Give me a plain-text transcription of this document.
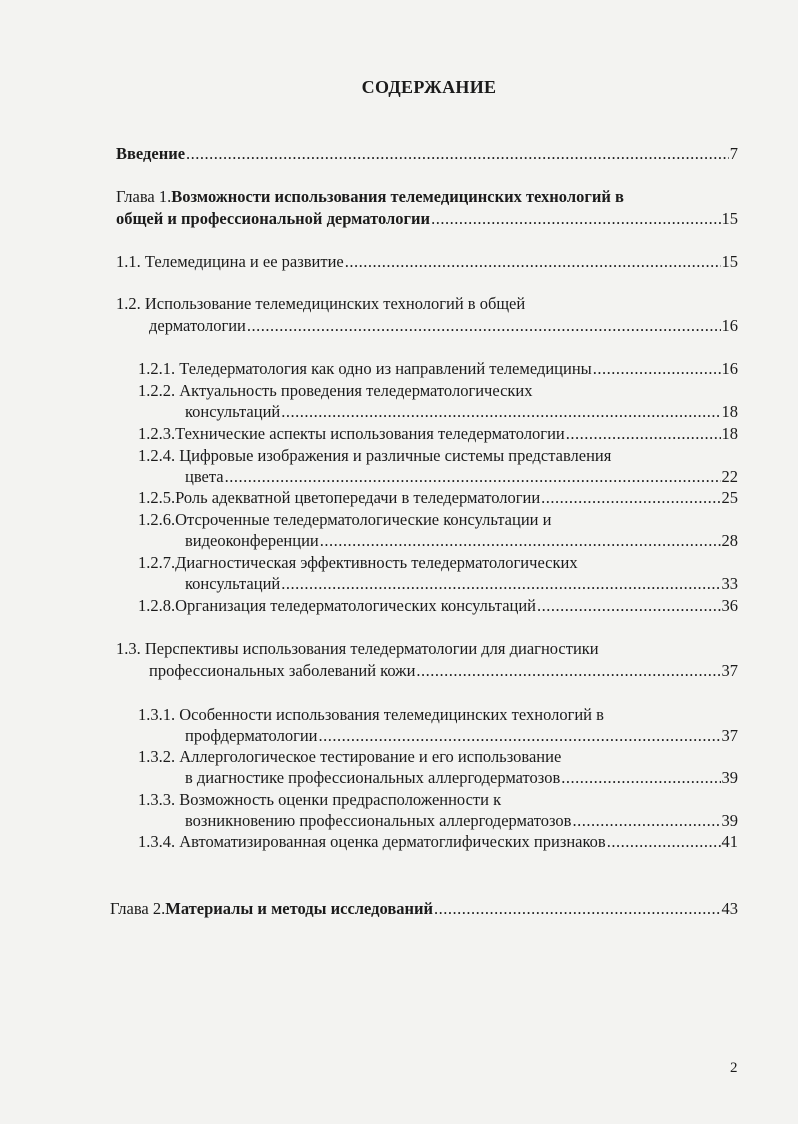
СОДЕРЖАНИЕ
Введение .....	7
Глава 1. Возможности использования телемедицинских технологий в
общей и профессиональной дерматологии .....	15
1.1. Телемедицина и ее развитие .....	15
1.2. Использование телемедицинских технологий в общей
дерматологии .....	16
1.2.1. Теледерматология как одно из направлений телемедицины .....	16
1.2.2. Актуальность проведения теледерматологических
консультаций .....	18
1.2.3.Технические аспекты использования теледерматологии .....	18
1.2.4. Цифровые изображения и различные системы представления
цвета .....	22
1.2.5.Роль адекватной цветопередачи в теледерматологии .....	25
1.2.6.Отсроченные теледерматологические консультации и
видеоконференции .....	28
1.2.7.Диагностическая эффективность теледерматологических
консультаций .....	33
1.2.8.Организация теледерматологических консультаций .....	36
1.3. Перспективы использования теледерматологии для диагностики
профессиональных заболеваний кожи .....	37
1.3.1. Особенности использования телемедицинских технологий в
профдерматологии .....	37
1.3.2. Аллергологическое тестирование и его использование
в диагностике профессиональных аллергодерматозов .....	39
1.3.3. Возможность оценки предрасположенности к
возникновению профессиональных аллергодерматозов .....	39
1.3.4. Автоматизированная оценка дерматоглифических признаков .....	41
Глава 2. Материалы и методы исследований .....	43
2
